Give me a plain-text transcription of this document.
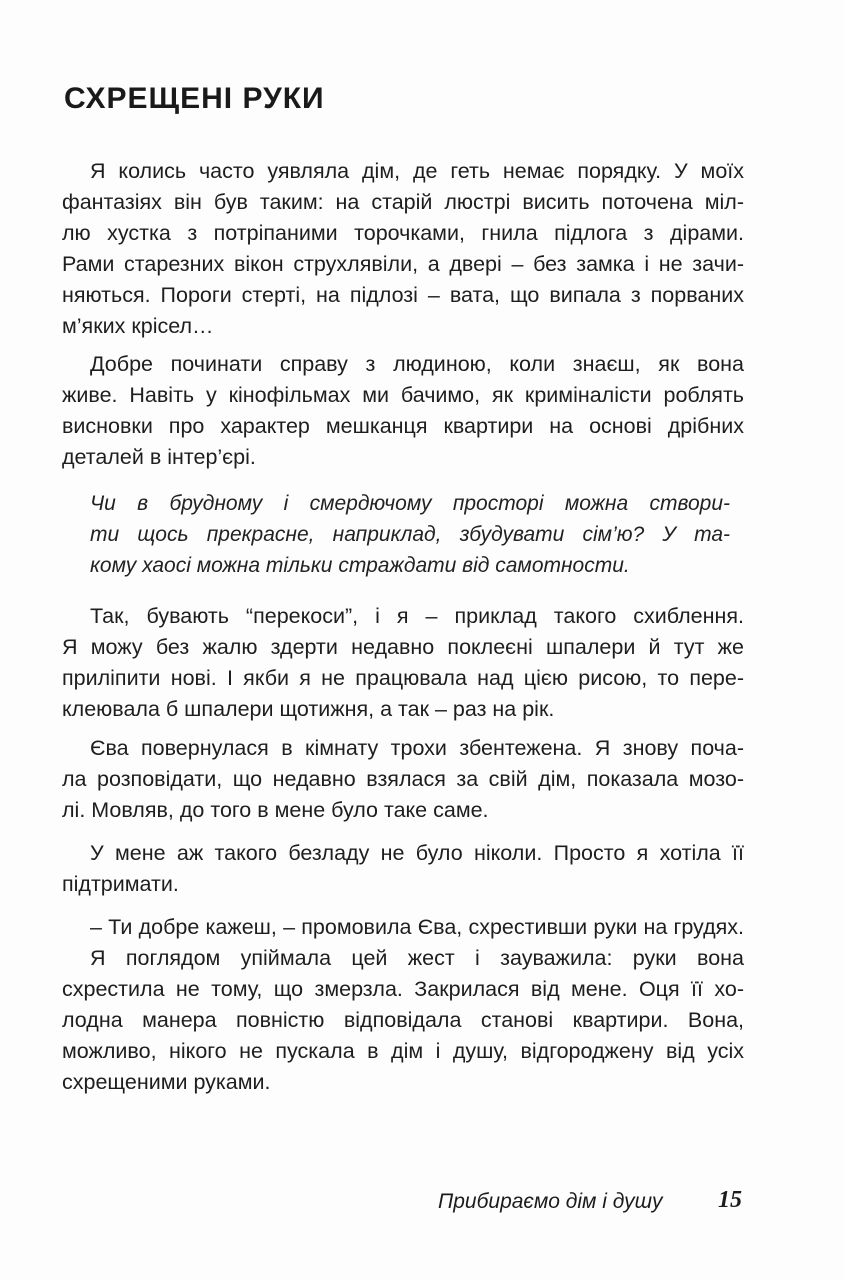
СХРЕЩЕНІ РУКИ
Я колись часто уявляла дім, де геть немає порядку. У моїх
фантазіях він був таким: на старій люстрі висить поточена міл-
лю хустка з потріпаними торочками, гнила підлога з дірами.
Рами старезних вікон струхлявіли, а двері – без замка і не зачи-
няються. Пороги стерті, на підлозі – вата, що випала з порваних
м’яких крісел…
Добре починати справу з людиною, коли знаєш, як вона
живе. Навіть у кінофільмах ми бачимо, як криміналісти роблять
висновки про характер мешканця квартири на основі дрібних
деталей в інтер’єрі.
Чи в брудному і смердючому просторі можна створи-
ти щось прекрасне, наприклад, збудувати сім’ю? У та-
кому хаосі можна тільки страждати від самотности.
Так, бувають “перекоси”, і я – приклад такого схиблення.
Я можу без жалю здерти недавно поклеєні шпалери й тут же
приліпити нові. І якби я не працювала над цією рисою, то пере-
клеювала б шпалери щотижня, а так – раз на рік.
Єва повернулася в кімнату трохи збентежена. Я знову поча-
ла розповідати, що недавно взялася за свій дім, показала мозо-
лі. Мовляв, до того в мене було таке саме.
У мене аж такого безладу не було ніколи. Просто я хотіла її
підтримати.
– Ти добре кажеш, – промовила Єва, схрестивши руки на грудях.
Я поглядом упіймала цей жест і зауважила: руки вона
схрестила не тому, що змерзла. Закрилася від мене. Оця її хо-
лодна манера повністю відповідала станові квартири. Вона,
можливо, нікого не пускала в дім і душу, відгороджену від усіх
схрещеними руками.
Прибираємо дім і душу 15
